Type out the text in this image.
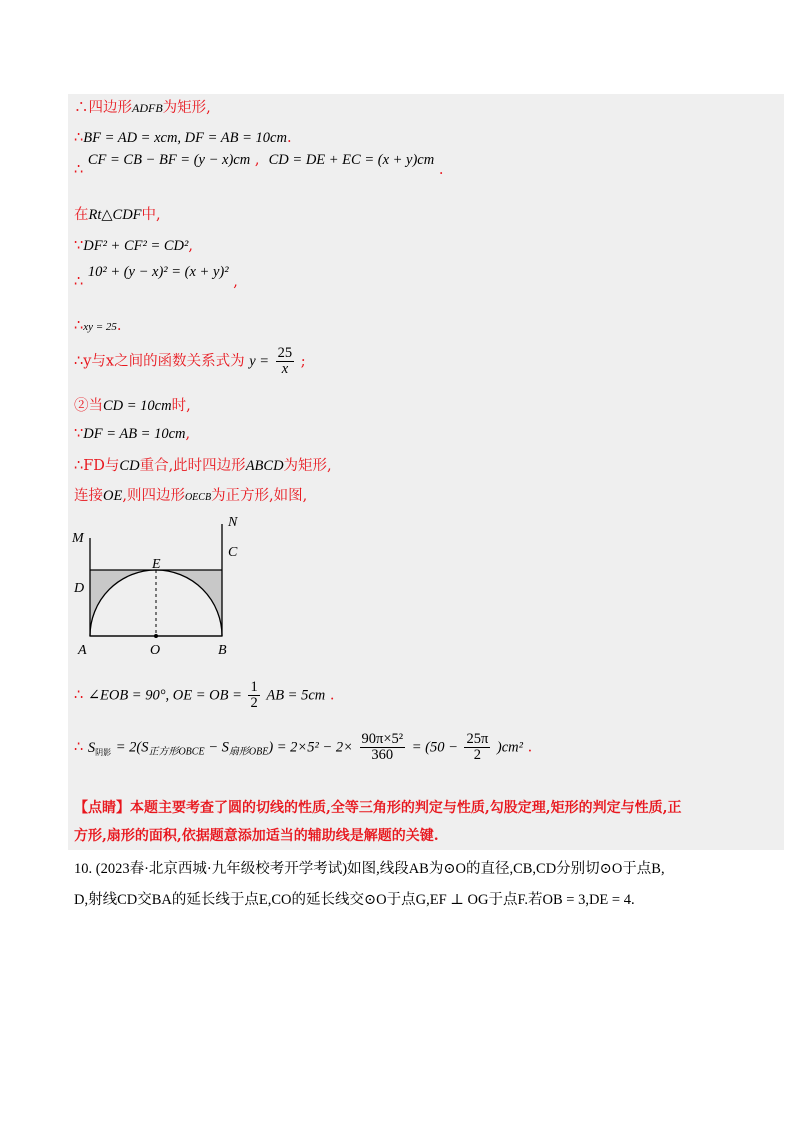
∴四边形ADFB为矩形,
∴BF = AD = xcm, DF = AB = 10cm.
∴ CF = CB − BF = (y − x)cm ,  CD = DE + EC = (x + y)cm .
在Rt△CDF中,
∵DF² + CF² = CD²,
∴ 10² + (y − x)² = (x + y)² ,
∴xy = 25.
∴y与x之间的函数关系式为 $y = \frac{25}{x}$ ;
②当CD = 10cm时,
∵DF = AB = 10cm,
∴FD与CD重合,此时四边形ABCD为矩形,
连接OE,则四边形OECB为正方形,如图,
M
N
C
D
E
A	O	B
∴ ∠EOB = 90°, OE = OB = $\frac{1}{2}$ AB = 5cm .
∴ $S_{阴影} = 2(S_{正方形OBCE} - S_{扇形OBE}) = 2\times 5^2 - 2\times \frac{\text{90π×5²}}{360} = (50 - \frac{25\pi}{2} )cm^2$ .
【点睛】本题主要考查了圆的切线的性质,全等三角形的判定与性质,勾股定理,矩形的判定与性质,正
方形,扇形的面积,依据题意添加适当的辅助线是解题的关键.
10. (2023春·北京西城·九年级校考开学考试)如图,线段AB为⊙O的直径,CB,CD分别切⊙O于点B,
D,射线CD交BA的延长线于点E,CO的延长线交⊙O于点G,EF ⊥ OG于点F.若OB = 3,DE = 4.
